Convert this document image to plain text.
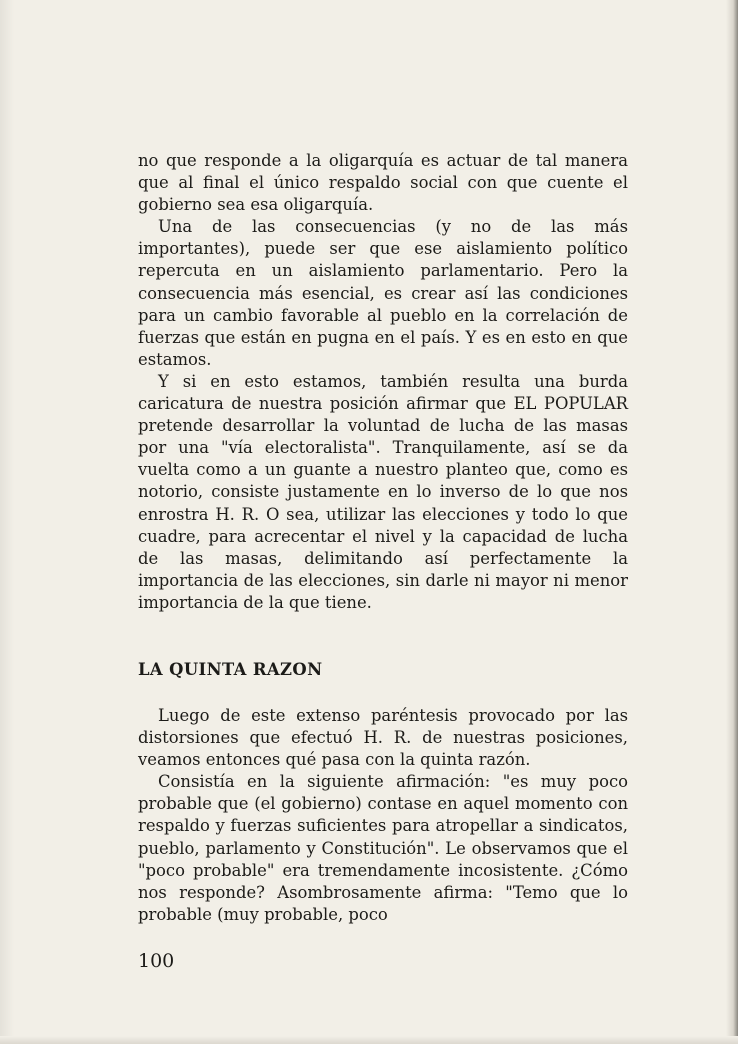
no que responde a la oligarquía es actuar de tal manera que al final el único respaldo social con que cuente el gobierno sea esa oligarquía.

Una de las consecuencias (y no de las más importantes), puede ser que ese aislamiento político repercuta en un aislamiento parlamentario. Pero la consecuencia más esencial, es crear así las condiciones para un cambio favorable al pueblo en la correlación de fuerzas que están en pugna en el país. Y es en esto en que estamos.

Y si en esto estamos, también resulta una burda caricatura de nuestra posición afirmar que EL POPULAR pretende desarrollar la voluntad de lucha de las masas por una "vía electoralista". Tranquilamente, así se da vuelta como a un guante a nuestro planteo que, como es notorio, consiste justamente en lo inverso de lo que nos enrostra H. R. O sea, utilizar las elecciones y todo lo que cuadre, para acrecentar el nivel y la capacidad de lucha de las masas, delimitando así perfectamente la importancia de las elecciones, sin darle ni mayor ni menor importancia de la que tiene.

LA QUINTA RAZON

Luego de este extenso paréntesis provocado por las distorsiones que efectuó H. R. de nuestras posiciones, veamos entonces qué pasa con la quinta razón.

Consistía en la siguiente afirmación: "es muy poco probable que (el gobierno) contase en aquel momento con respaldo y fuerzas suficientes para atropellar a sindicatos, pueblo, parlamento y Constitución". Le observamos que el "poco probable" era tremendamente incosistente. ¿Cómo nos responde? Asombrosamente afirma: "Temo que lo probable (muy probable, poco

100
